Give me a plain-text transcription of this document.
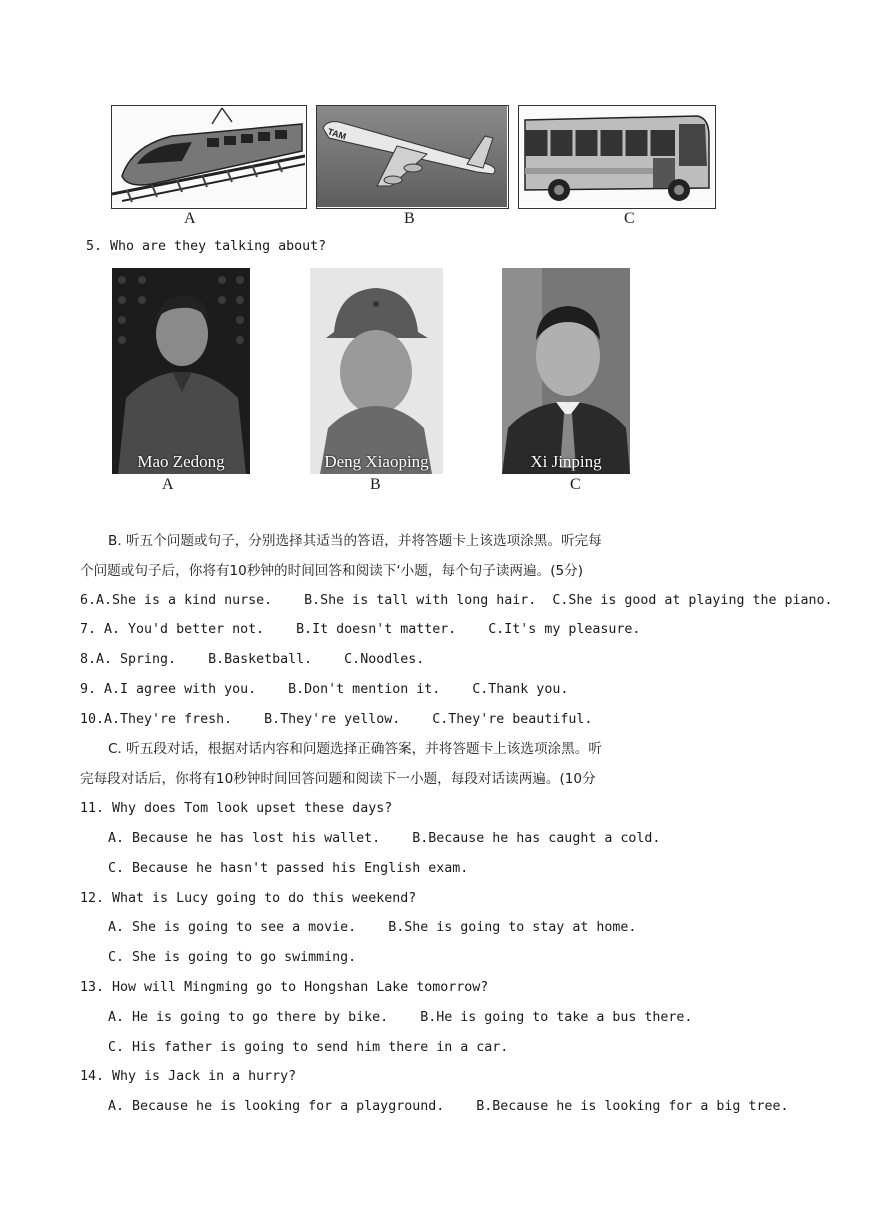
A
TAM
B	C
5. Who are they talking about?
Mao Zedong
A
Deng Xiaoping
B
Xi Jinping
C
B. 听五个问题或句子，分别选择其适当的答语，并将答题卡上该选项涂黑。听完每
个问题或句子后，你将有10秒钟的时间回答和阅读下‘小题，每个句子读两遍。(5分)
6.A.She is a kind nurse.    B.She is tall with long hair.  C.She is good at playing the piano.
7. A. You'd better not.    B.It doesn't matter.    C.It's my pleasure.
8.A. Spring.    B.Basketball.    C.Noodles.
9. A.I agree with you.    B.Don't mention it.    C.Thank you.
10.A.They're fresh.    B.They're yellow.    C.They're beautiful.
C. 听五段对话，根据对话内容和问题选择正确答案，并将答题卡上该选项涂黑。听
完每段对话后，你将有10秒钟时间回答问题和阅读下一小题，每段对话读两遍。(10分
11. Why does Tom look upset these days?
A. Because he has lost his wallet.    B.Because he has caught a cold.
C. Because he hasn't passed his English exam.
12. What is Lucy going to do this weekend?
A. She is going to see a movie.    B.She is going to stay at home.
C. She is going to go swimming.
13. How will Mingming go to Hongshan Lake tomorrow?
A. He is going to go there by bike.    B.He is going to take a bus there.
C. His father is going to send him there in a car.
14. Why is Jack in a hurry?
A. Because he is looking for a playground.    B.Because he is looking for a big tree.
